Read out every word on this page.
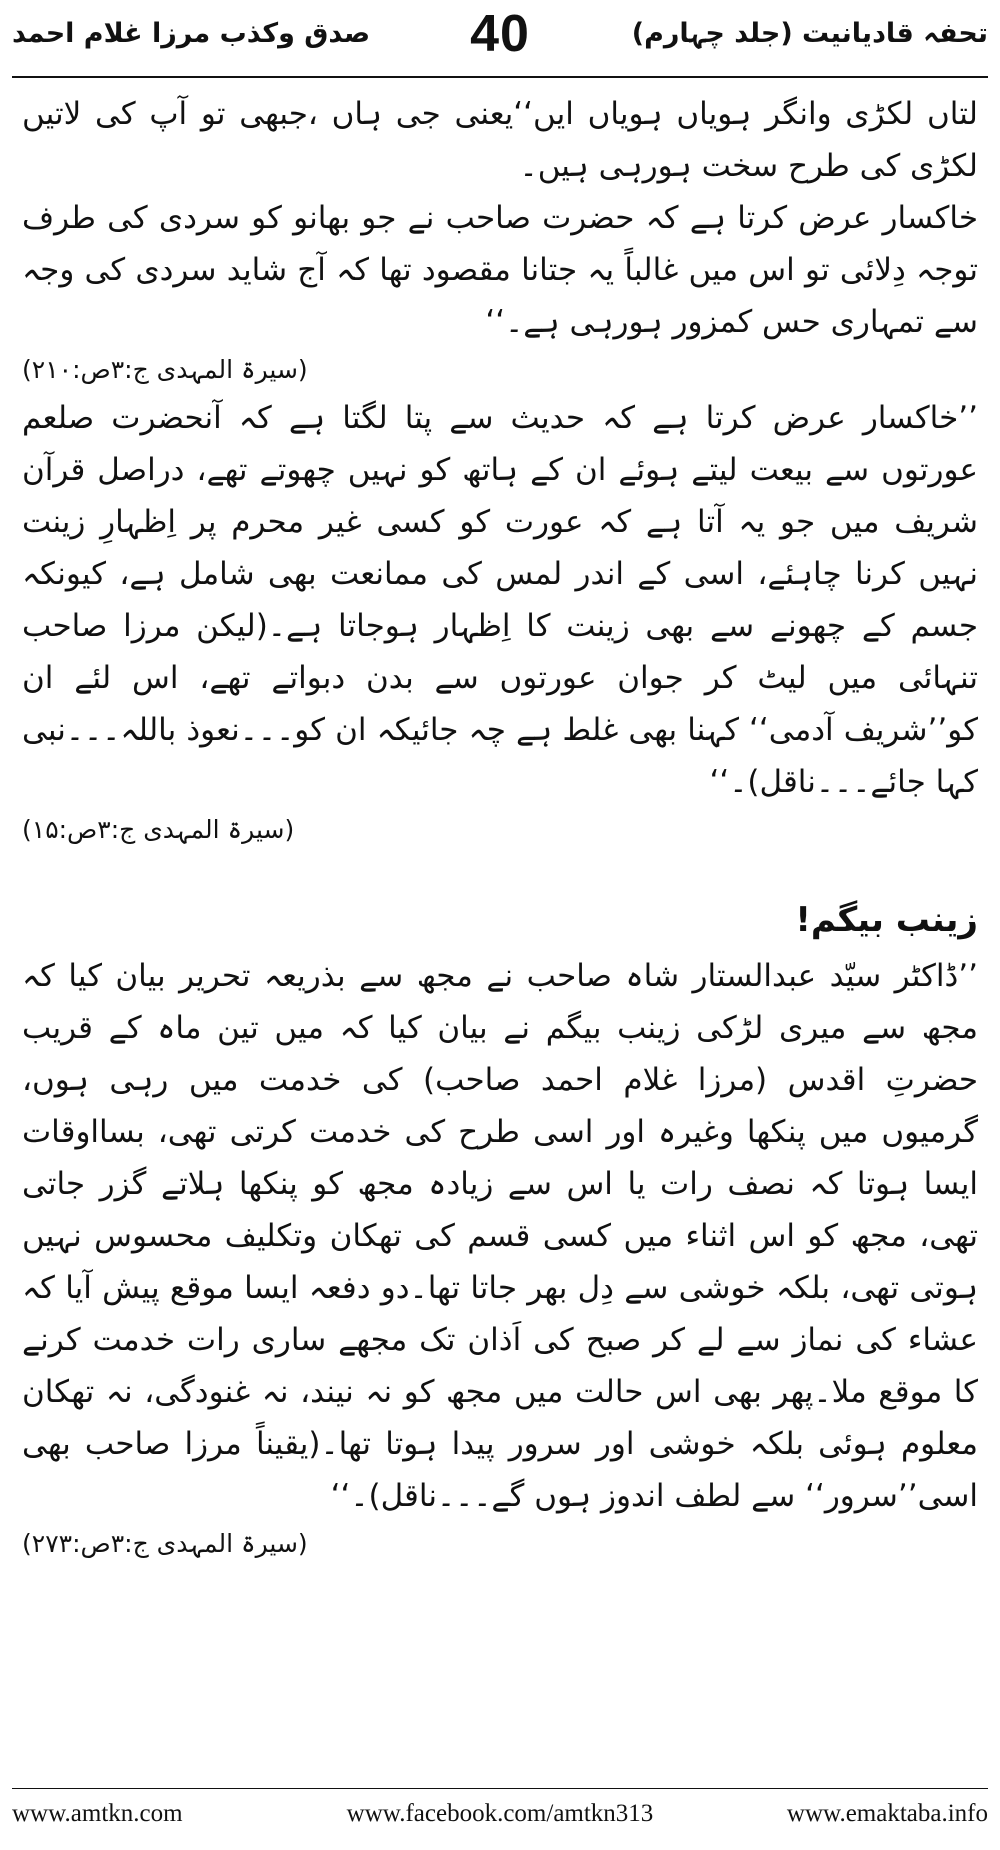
تحفہ قادیانیت (جلد چہارم)
40
صدق وکذب مرزا غلام احمد

لتاں لکڑی وانگر ہویاں ہویاں ایں‘‘یعنی جی ہاں ،جبھی تو آپ کی لاتیں لکڑی کی طرح سخت ہورہی ہیں۔

خاکسار عرض کرتا ہے کہ حضرت صاحب نے جو بھانو کو سردی کی طرف توجہ دِلائی تو اس میں غالباً یہ جتانا مقصود تھا کہ آج شاید سردی کی وجہ سے تمہاری حس کمزور ہورہی ہے۔‘‘

(سیرۃ المہدی ج:۳ص:۲۱۰)

’’خاکسار عرض کرتا ہے کہ حدیث سے پتا لگتا ہے کہ آنحضرت صلعم عورتوں سے بیعت لیتے ہوئے ان کے ہاتھ کو نہیں چھوتے تھے، دراصل قرآن شریف میں جو یہ آتا ہے کہ عورت کو کسی غیر محرم پر اِظہارِ زینت نہیں کرنا چاہئے، اسی کے اندر لمس کی ممانعت بھی شامل ہے، کیونکہ جسم کے چھونے سے بھی زینت کا اِظہار ہوجاتا ہے۔(لیکن مرزا صاحب تنہائی میں لیٹ کر جوان عورتوں سے بدن دبواتے تھے، اس لئے ان کو’’شریف آدمی‘‘ کہنا بھی غلط ہے چہ جائیکہ ان کو۔۔۔نعوذ باللہ۔۔۔نبی کہا جائے۔۔۔ناقل)۔‘‘

(سیرۃ المہدی ج:۳ص:۱۵)

زینب بیگم!

’’ڈاکٹر سیّد عبدالستار شاہ صاحب نے مجھ سے بذریعہ تحریر بیان کیا کہ مجھ سے میری لڑکی زینب بیگم نے بیان کیا کہ میں تین ماہ کے قریب حضرتِ اقدس (مرزا غلام احمد صاحب) کی خدمت میں رہی ہوں، گرمیوں میں پنکھا وغیرہ اور اسی طرح کی خدمت کرتی تھی، بسااوقات ایسا ہوتا کہ نصف رات یا اس سے زیادہ مجھ کو پنکھا ہلاتے گزر جاتی تھی، مجھ کو اس اثناء میں کسی قسم کی تھکان وتکلیف محسوس نہیں ہوتی تھی، بلکہ خوشی سے دِل بھر جاتا تھا۔دو دفعہ ایسا موقع پیش آیا کہ عشاء کی نماز سے لے کر صبح کی اَذان تک مجھے ساری رات خدمت کرنے کا موقع ملا۔پھر بھی اس حالت میں مجھ کو نہ نیند، نہ غنودگی، نہ تھکان معلوم ہوئی بلکہ خوشی اور سرور پیدا ہوتا تھا۔(یقیناً مرزا صاحب بھی اسی’’سرور‘‘ سے لطف اندوز ہوں گے۔۔۔ناقل)۔‘‘

(سیرۃ المہدی ج:۳ص:۲۷۳)

www.amtkn.com	www.facebook.com/amtkn313	www.emaktaba.info
